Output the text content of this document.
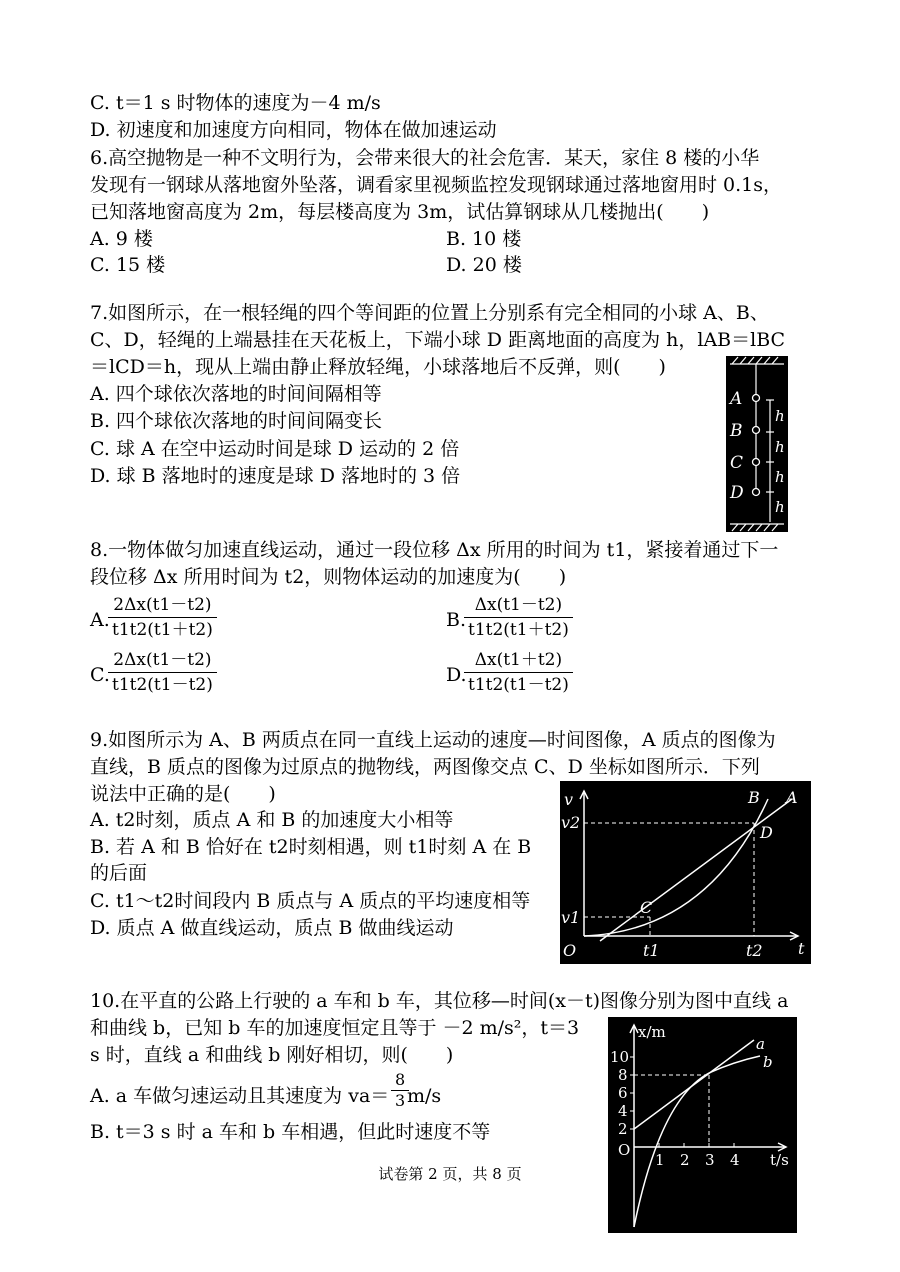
C. t＝1 s 时物体的速度为－4 m/s
D. 初速度和加速度方向相同，物体在做加速运动
6.高空抛物是一种不文明行为，会带来很大的社会危害．某天，家住 8 楼的小华
发现有一钢球从落地窗外坠落，调看家里视频监控发现钢球通过落地窗用时 0.1s，
已知落地窗高度为 2m，每层楼高度为 3m，试估算钢球从几楼抛出(　　)
A. 9 楼	B. 10 楼
C. 15 楼	D. 20 楼
7.如图所示，在一根轻绳的四个等间距的位置上分别系有完全相同的小球 A、B、
C、D，轻绳的上端悬挂在天花板上，下端小球 D 距离地面的高度为 h，lAB＝lBC
＝lCD＝h，现从上端由静止释放轻绳，小球落地后不反弹，则(　　)
A. 四个球依次落地的时间间隔相等
B. 四个球依次落地的时间间隔变长
C. 球 A 在空中运动时间是球 D 运动的 2 倍
D. 球 B 落地时的速度是球 D 落地时的 3 倍
A
B
C
D
h
h
h
h
8.一物体做匀加速直线运动，通过一段位移 Δx 所用的时间为 t1，紧接着通过下一
段位移 Δx 所用时间为 t2，则物体运动的加速度为(　　)
A.
$\frac{2\Delta x(t1-t2)}{t1t2(t1+t2)}$	B.
$\frac{\Delta x(t1-t2)}{t1t2(t1+t2)}$
C.
$\frac{2\Delta x(t1-t2)}{t1t2(t1-t2)}$	D.
$\frac{\Delta x(t1+t2)}{t1t2(t1-t2)}$
9.如图所示为 A、B 两质点在同一直线上运动的速度—时间图像，A 质点的图像为
直线，B 质点的图像为过原点的抛物线，两图像交点 C、D 坐标如图所示．下列
说法中正确的是(　　)
A. t2时刻，质点 A 和 B 的加速度大小相等
B. 若 A 和 B 恰好在 t2时刻相遇，则 t1时刻 A 在 B
的后面
C. t1～t2时间段内 B 质点与 A 质点的平均速度相等
D. 质点 A 做直线运动，质点 B 做曲线运动
v
t
O
v2
v1
t1	t2
B A
C
D
10.在平直的公路上行驶的 a 车和 b 车，其位移—时间(x－t)图像分别为图中直线 a
和曲线 b，已知 b 车的加速度恒定且等于 －2 m/s²，t＝3
s 时，直线 a 和曲线 b 刚好相切，则(　　)
A. a 车做匀速运动且其速度为 $va= \frac{8}{3}$
m/s
B. t＝3 s 时 a 车和 b 车相遇，但此时速度不等
x/m
t/s
O
10
8
6
4
2
1 2 3 4
a
b
试卷第 2 页，共 8 页
